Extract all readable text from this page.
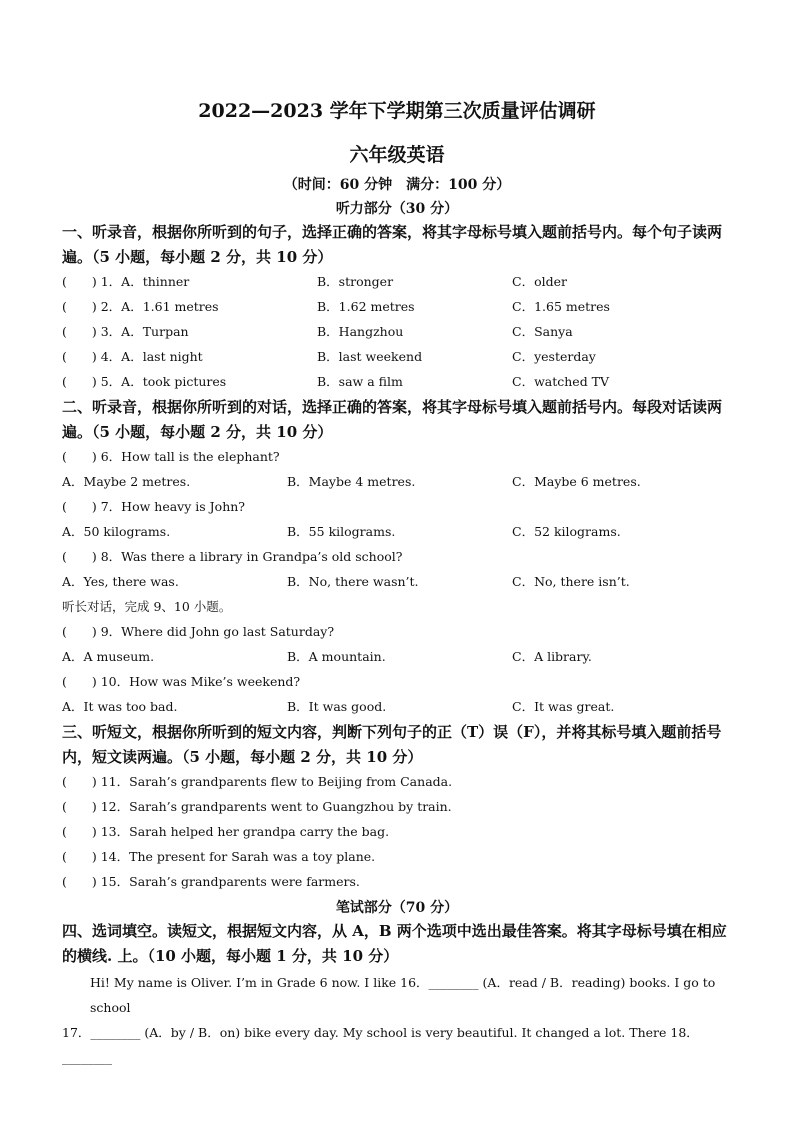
2022—2023 学年下学期第三次质量评估调研
六年级英语
（时间：60 分钟　满分：100 分）
听力部分（30 分）
一、听录音，根据你所听到的句子，选择正确的答案，将其字母标号填入题前括号内。每个句子读两遍。（5 小题，每小题 2 分，共 10 分）
(　　) 1．A．thinner	B．stronger	C．older
(　　) 2．A．1.61 metres	B．1.62 metres	C．1.65 metres
(　　) 3．A．Turpan	B．Hangzhou	C．Sanya
(　　) 4．A．last night	B．last weekend	C．yesterday
(　　) 5．A．took pictures	B．saw a film	C．watched TV
二、听录音，根据你所听到的对话，选择正确的答案，将其字母标号填入题前括号内。每段对话读两遍。（5 小题，每小题 2 分，共 10 分）
(　　) 6．How tall is the elephant?
A．Maybe 2 metres.	B．Maybe 4 metres.	C．Maybe 6 metres.
(　　) 7．How heavy is John?
A．50 kilograms.	B．55 kilograms.	C．52 kilograms.
(　　) 8．Was there a library in Grandpa’s old school?
A．Yes, there was.	B．No, there wasn’t.	C．No, there isn’t.
听长对话，完成 9、10 小题。
(　　) 9．Where did John go last Saturday?
A．A museum.	B．A mountain.	C．A library.
(　　) 10．How was Mike’s weekend?
A．It was too bad.	B．It was good.	C．It was great.
三、听短文，根据你所听到的短文内容，判断下列句子的正（T）误（F），并将其标号填入题前括号内，短文读两遍。（5 小题，每小题 2 分，共 10 分）
(　　) 11．Sarah’s grandparents flew to Beijing from Canada.
(　　) 12．Sarah’s grandparents went to Guangzhou by train.
(　　) 13．Sarah helped her grandpa carry the bag.
(　　) 14．The present for Sarah was a toy plane.
(　　) 15．Sarah’s grandparents were farmers.
笔试部分（70 分）
四、选词填空。读短文，根据短文内容，从 A，B 两个选项中选出最佳答案。将其字母标号填在相应的横线. 上。（10 小题，每小题 1 分，共 10 分）
Hi! My name is Oliver. I’m in Grade 6 now. I like 16．________ (A．read / B．reading) books. I go to school
17．________ (A．by / B．on) bike every day. My school is very beautiful. It changed a lot. There 18．________
